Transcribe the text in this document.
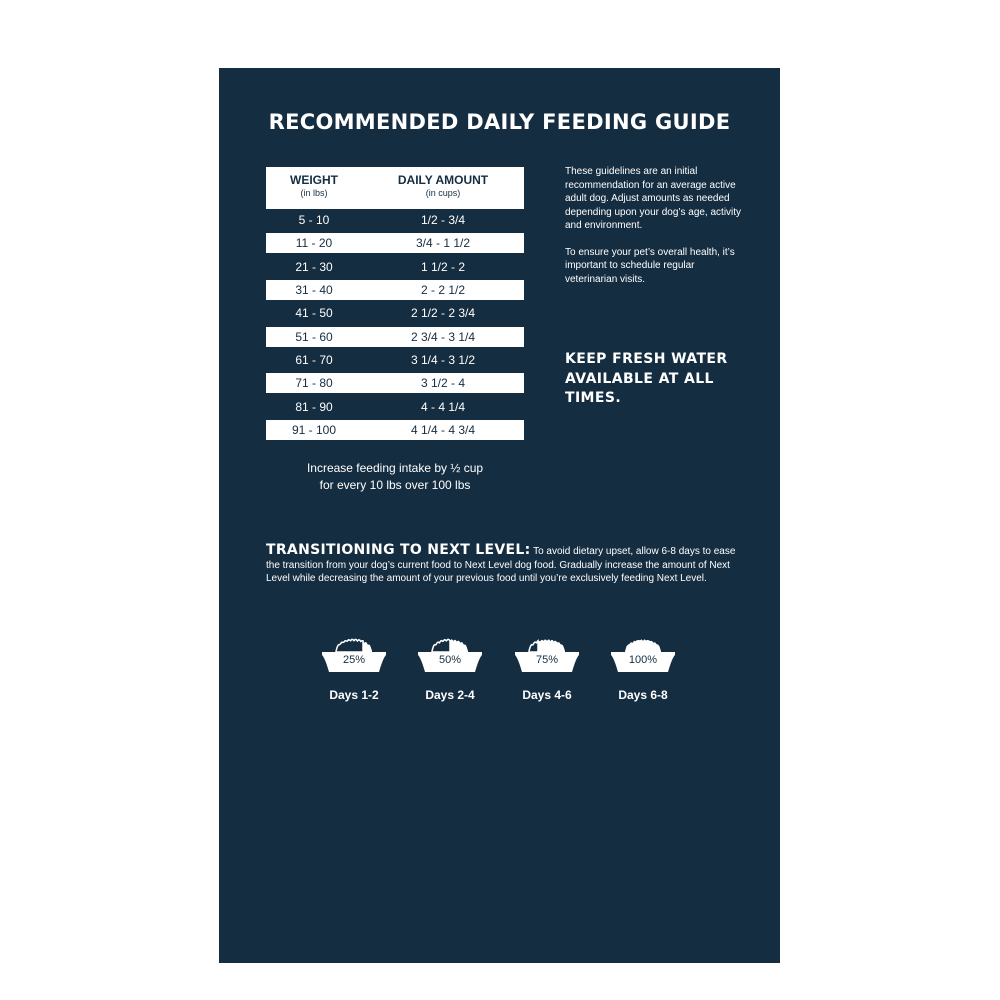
RECOMMENDED DAILY FEEDING GUIDE
WEIGHT
(in lbs)
DAILY AMOUNT
(in cups)
5 - 10	1/2 - 3/4
11 - 20	3/4 - 1 1/2
21 - 30	1 1/2 - 2
31 - 40	2 - 2 1/2
41 - 50	2 1/2 - 2 3/4
51 - 60	2 3/4 - 3 1/4
61 - 70	3 1/4 - 3 1/2
71 - 80	3 1/2 - 4
81 - 90	4 - 4 1/4
91 - 100	4 1/4 - 4 3/4
Increase feeding intake by ½ cup
for every 10 lbs over 100 lbs

These guidelines are an initial recommendation for an average active adult dog. Adjust amounts as needed depending upon your dog’s age, activity and environment.

To ensure your pet’s overall health, it’s important to schedule regular veterinarian visits.

KEEP FRESH WATER AVAILABLE AT ALL TIMES.
TRANSITIONING TO NEXT LEVEL: To avoid dietary upset, allow 6-8 days to ease the transition from your dog’s current food to Next Level dog food. Gradually increase the amount of Next Level while decreasing the amount of your previous food until you’re exclusively feeding Next Level.
25%
Days 1-2
50%
Days 2-4
75%
Days 4-6
100%
Days 6-8
